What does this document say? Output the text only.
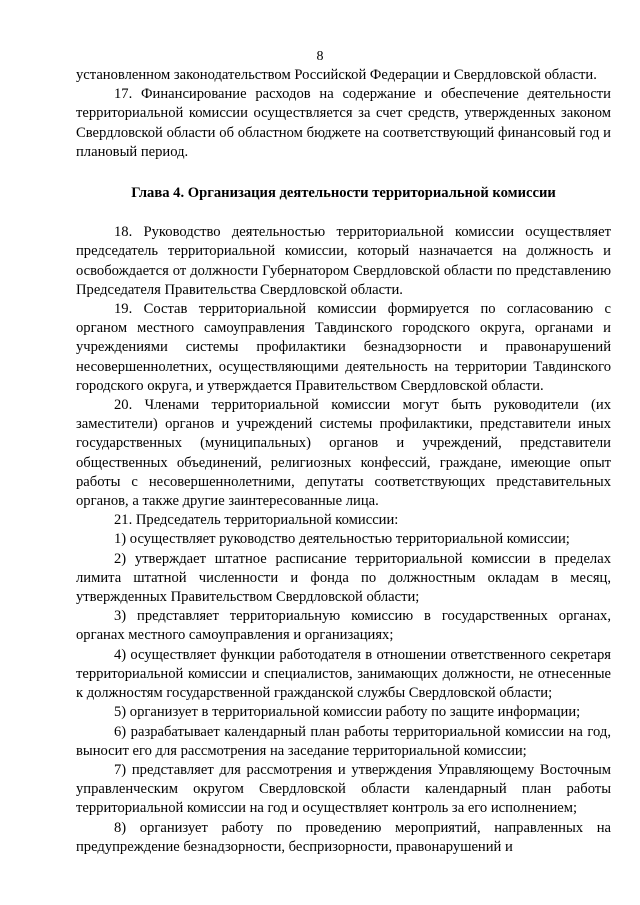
8

установленном законодательством Российской Федерации и Свердловской области.

17. Финансирование расходов на содержание и обеспечение деятельности территориальной комиссии осуществляется за счет средств, утвержденных законом Свердловской области об областном бюджете на соответствующий финансовый год и плановый период.

Глава 4. Организация деятельности территориальной комиссии

18. Руководство деятельностью территориальной комиссии осуществляет председатель территориальной комиссии, который назначается на должность и освобождается от должности Губернатором Свердловской области по представлению Председателя Правительства Свердловской области.

19. Состав территориальной комиссии формируется по согласованию с органом местного самоуправления Тавдинского городского округа, органами и учреждениями системы профилактики безнадзорности и правонарушений несовершеннолетних, осуществляющими деятельность на территории Тавдинского городского округа, и утверждается Правительством Свердловской области.

20. Членами территориальной комиссии могут быть руководители (их заместители) органов и учреждений системы профилактики, представители иных государственных (муниципальных) органов и учреждений, представители общественных объединений, религиозных конфессий, граждане, имеющие опыт работы с несовершеннолетними, депутаты соответствующих представительных органов, а также другие заинтересованные лица.

21. Председатель территориальной комиссии:

1) осуществляет руководство деятельностью территориальной комиссии;

2) утверждает штатное расписание территориальной комиссии в пределах лимита штатной численности и фонда по должностным окладам в месяц, утвержденных Правительством Свердловской области;

3) представляет территориальную комиссию в государственных органах, органах местного самоуправления и организациях;

4) осуществляет функции работодателя в отношении ответственного секретаря территориальной комиссии и специалистов, занимающих должности, не отнесенные к должностям государственной гражданской службы Свердловской области;

5) организует в территориальной комиссии работу по защите информации;

6) разрабатывает календарный план работы территориальной комиссии на год, выносит его для рассмотрения на заседание территориальной комиссии;

7) представляет для рассмотрения и утверждения Управляющему Восточным управленческим округом Свердловской области календарный план работы территориальной комиссии на год и осуществляет контроль за его исполнением;

8) организует работу по проведению мероприятий, направленных на предупреждение безнадзорности, беспризорности, правонарушений и
